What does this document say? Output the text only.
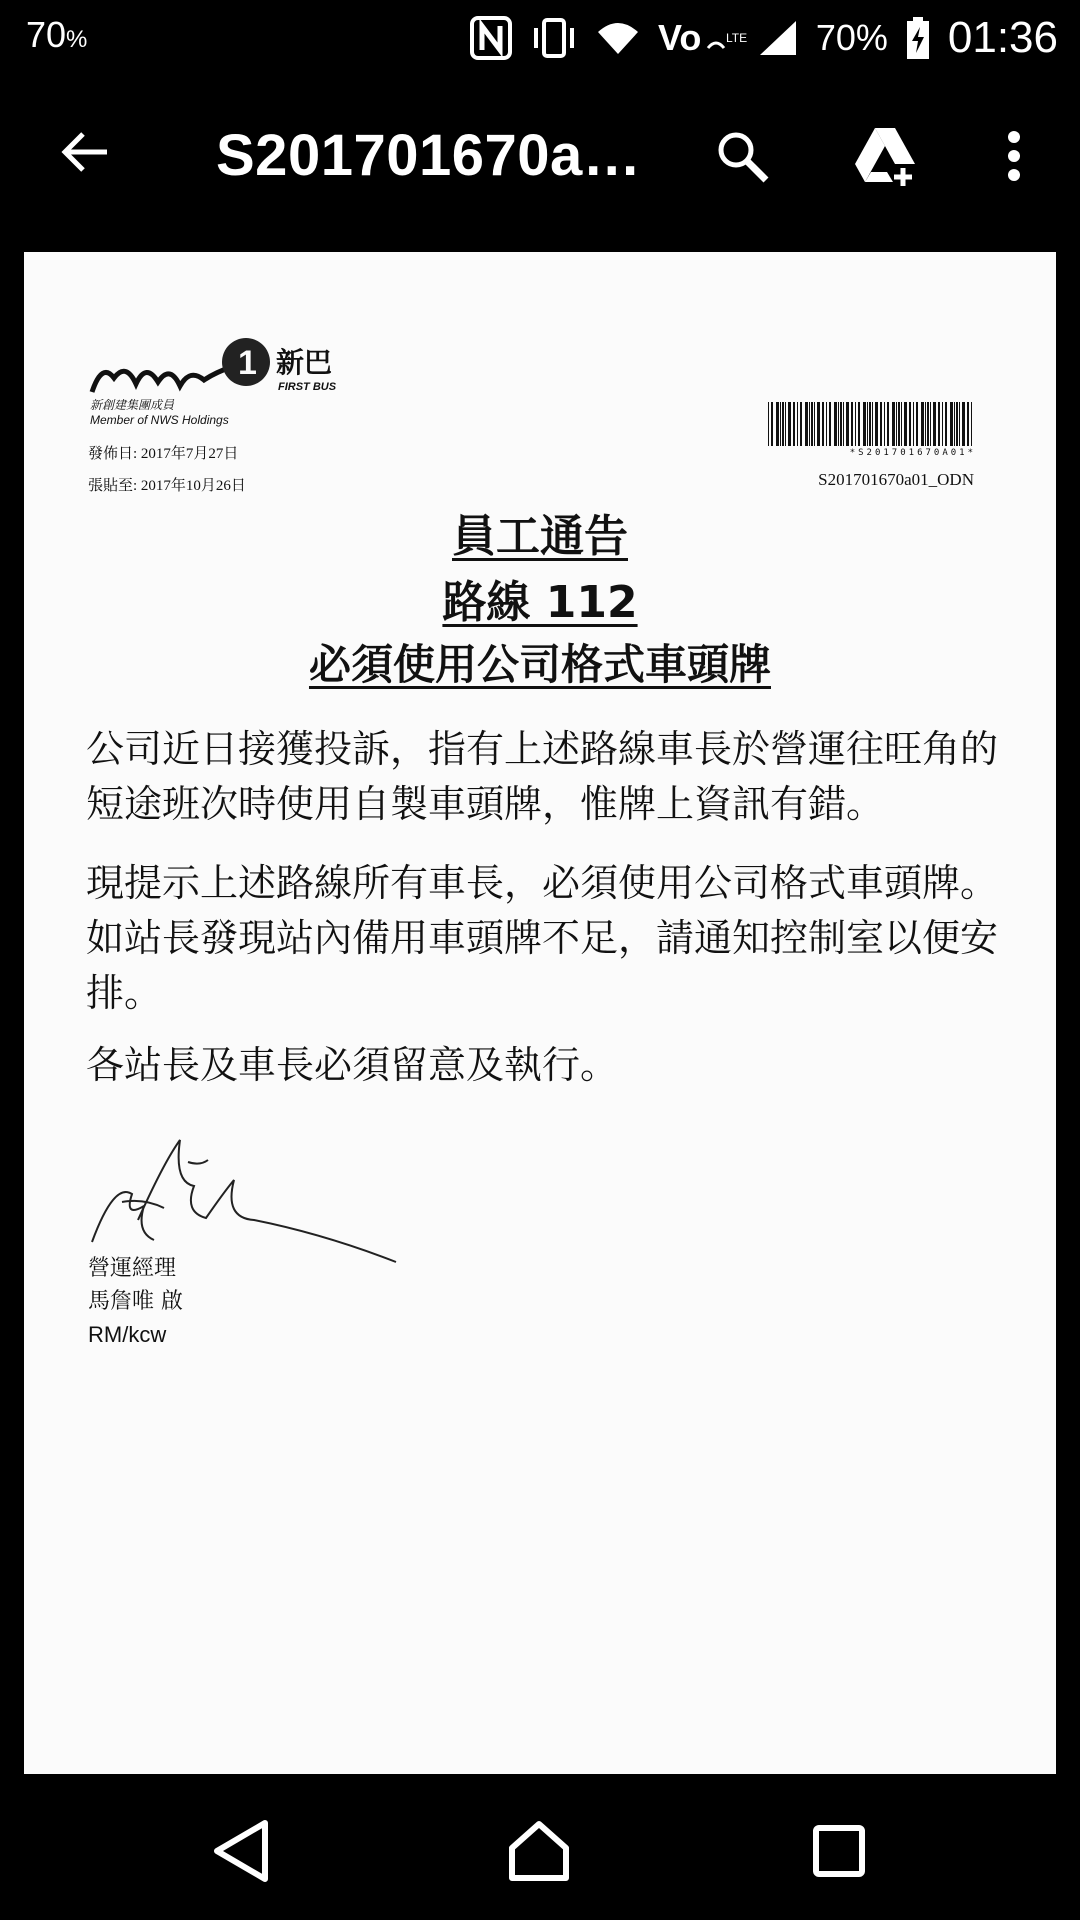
70%	Vo LTE 70% 01:36
S201701670a…
1 新巴
FIRST BUS
新創建集團成員
Member of NWS Holdings
發佈日: 2017年7月27日
張貼至: 2017年10月26日
*S201701670A01*
S201701670a01_ODN
員工通告
路線 112
必須使用公司格式車頭牌
公司近日接獲投訴，指有上述路線車長於營運往旺角的短途班次時使用自製車頭牌，惟牌上資訊有錯。
現提示上述路線所有車長，必須使用公司格式車頭牌。如站長發現站內備用車頭牌不足，請通知控制室以便安排。
各站長及車長必須留意及執行。
營運經理
馬詹唯 啟
RM/kcw
